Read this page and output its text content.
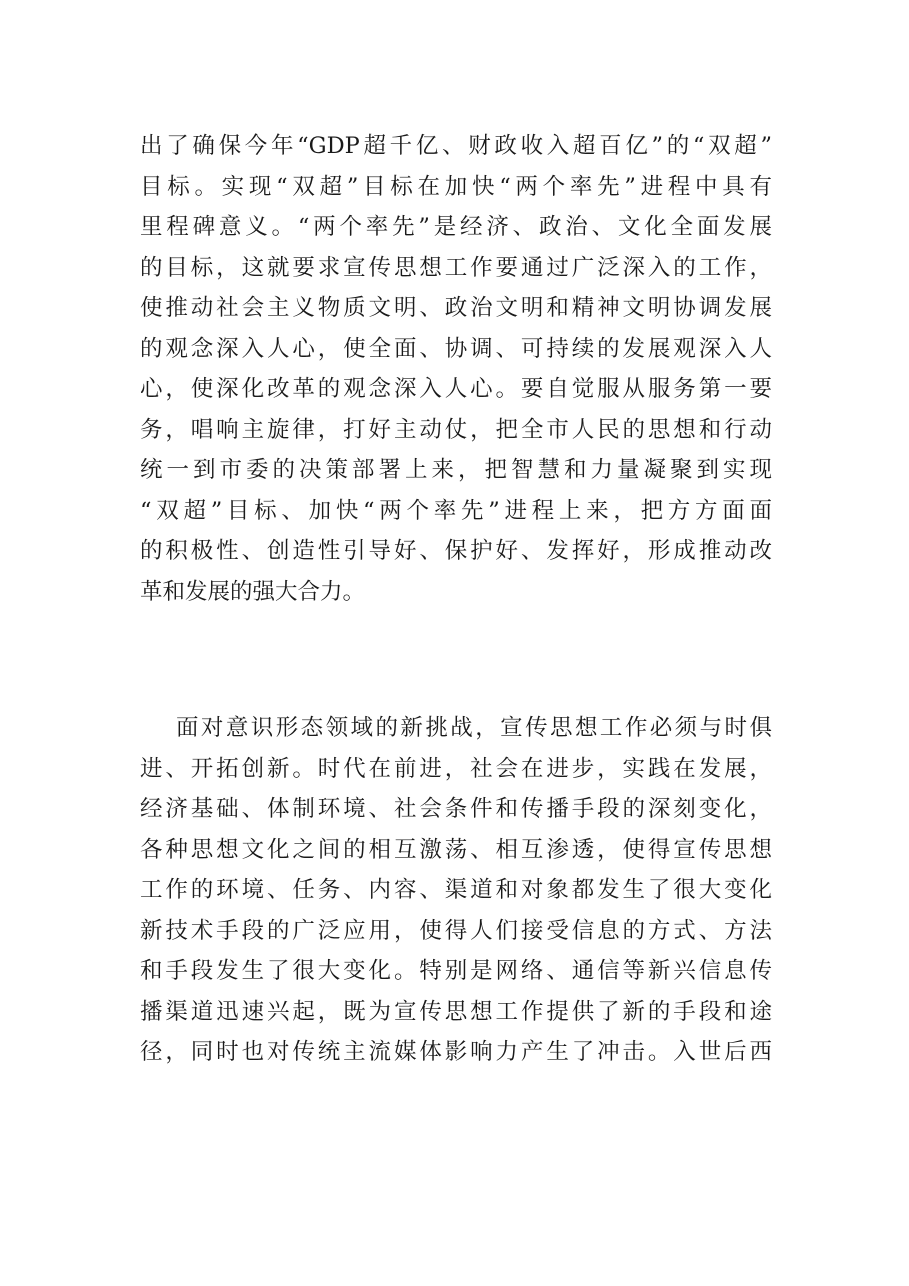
出了确保今年“GDP超千亿、财政收入超百亿”的“双超”
目标。实现“双超”目标在加快“两个率先”进程中具有
里程碑意义。“两个率先”是经济、政治、文化全面发展
的目标，这就要求宣传思想工作要通过广泛深入的工作，
使推动社会主义物质文明、政治文明和精神文明协调发展
的观念深入人心，使全面、协调、可持续的发展观深入人
心，使深化改革的观念深入人心。要自觉服从服务第一要
务，唱响主旋律，打好主动仗，把全市人民的思想和行动
统一到市委的决策部署上来，把智慧和力量凝聚到实现
“双超”目标、加快“两个率先”进程上来，把方方面面
的积极性、创造性引导好、保护好、发挥好，形成推动改
革和发展的强大合力。
面对意识形态领域的新挑战，宣传思想工作必须与时俱
进、开拓创新。时代在前进，社会在进步，实践在发展，
经济基础、体制环境、社会条件和传播手段的深刻变化，
各种思想文化之间的相互激荡、相互渗透，使得宣传思想
工作的环境、任务、内容、渠道和对象都发生了很大变化
新技术手段的广泛应用，使得人们接受信息的方式、方法
和手段发生了很大变化。特别是网络、通信等新兴信息传
播渠道迅速兴起，既为宣传思想工作提供了新的手段和途
径，同时也对传统主流媒体影响力产生了冲击。入世后西
